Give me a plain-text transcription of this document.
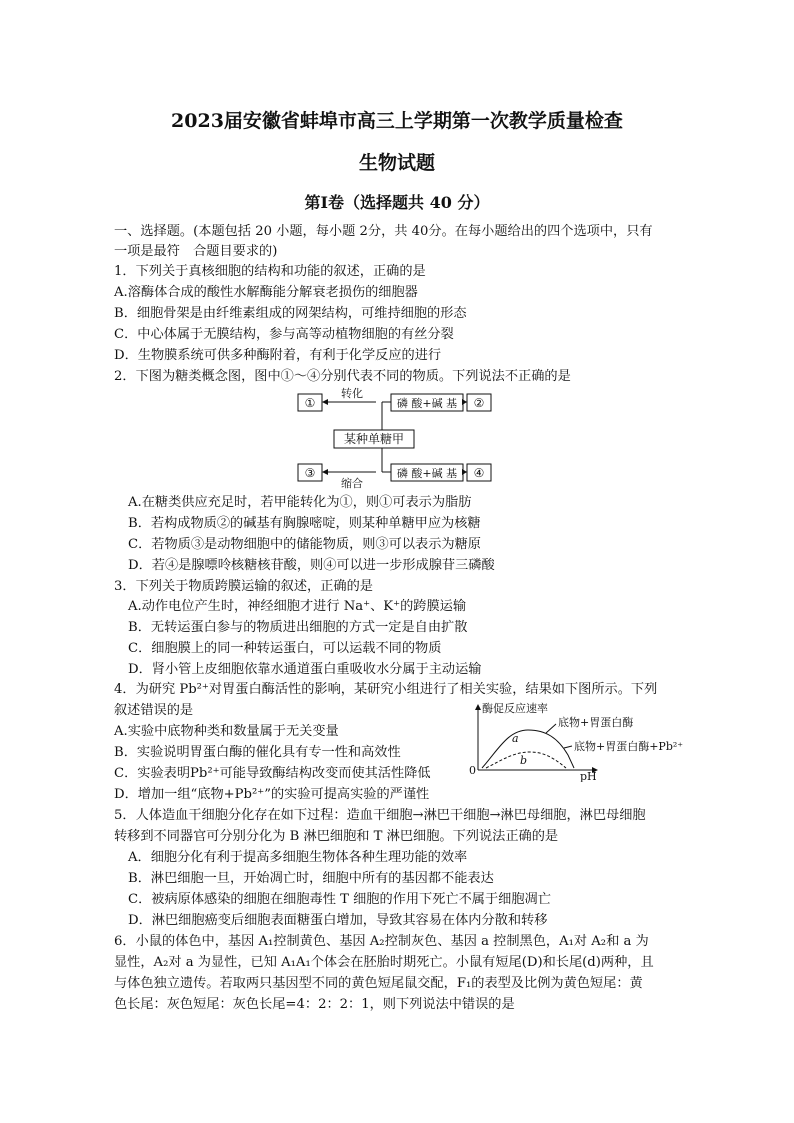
2023届安徽省蚌埠市高三上学期第一次教学质量检查
生物试题
第Ⅰ卷（选择题共 40 分）
一、选择题。(本题包括 20 小题，每小题 2分，共 40分。在每小题给出的四个选项中，只有
一项是最符　合题目要求的)
1．下列关于真核细胞的结构和功能的叙述，正确的是
A.溶酶体合成的酸性水解酶能分解衰老损伤的细胞器
B．细胞骨架是由纤维素组成的网架结构，可维持细胞的形态
C．中心体属于无膜结构，参与高等动植物细胞的有丝分裂
D．生物膜系统可供多种酶附着，有利于化学反应的进行
2．下图为糖类概念图，图中①～④分别代表不同的物质。下列说法不正确的是
①
③
②
④
某种单糖甲
磷 酸+碱 基
磷 酸+碱 基
转化
缩合
A.在糖类供应充足时，若甲能转化为①，则①可表示为脂肪
B．若构成物质②的碱基有胸腺嘧啶，则某种单糖甲应为核糖
C．若物质③是动物细胞中的储能物质，则③可以表示为糖原
D．若④是腺嘌呤核糖核苷酸，则④可以进一步形成腺苷三磷酸
3．下列关于物质跨膜运输的叙述，正确的是
A.动作电位产生时，神经细胞才进行 Na⁺、K⁺的跨膜运输
B．无转运蛋白参与的物质进出细胞的方式一定是自由扩散
C．细胞膜上的同一种转运蛋白，可以运载不同的物质
D．肾小管上皮细胞依靠水通道蛋白重吸收水分属于主动运输
4．为研究 Pb²⁺对胃蛋白酶活性的影响，某研究小组进行了相关实验，结果如下图所示。下列
叙述错误的是
A.实验中底物种类和数量属于无关变量
B．实验说明胃蛋白酶的催化具有专一性和高效性
C．实验表明Pb²⁺可能导致酶结构改变而使其活性降低
D．增加一组“底物+Pb²⁺”的实验可提高实验的严谨性
酶促反应速率
pH
0
a
b
底物+胃蛋白酶
底物+胃蛋白酶+Pb²⁺
5．人体造血干细胞分化存在如下过程：造血干细胞→淋巴干细胞→淋巴母细胞，淋巴母细胞
转移到不同器官可分别分化为 B 淋巴细胞和 T 淋巴细胞。下列说法正确的是
A．细胞分化有利于提高多细胞生物体各种生理功能的效率
B．淋巴细胞一旦，开始凋亡时，细胞中所有的基因都不能表达
C．被病原体感染的细胞在细胞毒性 T 细胞的作用下死亡不属于细胞凋亡
D．淋巴细胞癌变后细胞表面糖蛋白增加，导致其容易在体内分散和转移
6．小鼠的体色中，基因 A₁控制黄色、基因 A₂控制灰色、基因 a 控制黑色，A₁对 A₂和 a 为
显性，A₂对 a 为显性，已知 A₁A₁个体会在胚胎时期死亡。小鼠有短尾(D)和长尾(d)两种，且
与体色独立遗传。若取两只基因型不同的黄色短尾鼠交配，F₁的表型及比例为黄色短尾：黄
色长尾：灰色短尾：灰色长尾=4：2：2：1，则下列说法中错误的是
